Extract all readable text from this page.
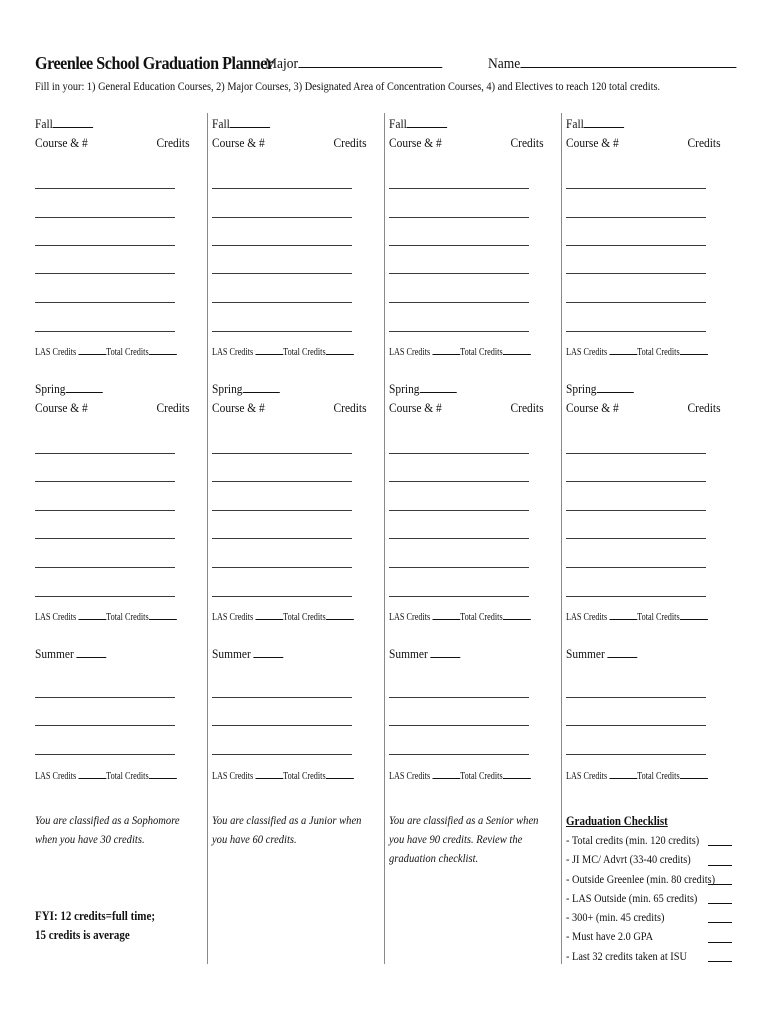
Greenlee School Graduation Planner
Major	Name
Fill in your: 1) General Education Courses, 2) Major Courses, 3) Designated Area of Concentration Courses, 4) and Electives to reach 120 total credits.
Fall
Course & #	Credits
LAS Credits	Total Credits
Spring
Course & #	Credits
LAS Credits	Total Credits
Summer
LAS Credits	Total Credits
You are classified as a Sophomore when you have 30 credits.
FYI: 12 credits=full time;
15 credits is average
Fall
Course & #	Credits
LAS Credits	Total Credits
Spring
Course & #	Credits
LAS Credits	Total Credits
Summer
LAS Credits	Total Credits
You are classified as a Junior when you have 60 credits.
Fall
Course & #	Credits
LAS Credits	Total Credits
Spring
Course & #	Credits
LAS Credits	Total Credits
Summer
LAS Credits	Total Credits
You are classified as a Senior when you have 90 credits. Review the graduation checklist.
Fall
Course & #	Credits
LAS Credits	Total Credits
Spring
Course & #	Credits
LAS Credits	Total Credits
Summer
LAS Credits	Total Credits
Graduation Checklist
- Total credits (min. 120 credits)
- JI MC/ Advrt (33-40 credits)
- Outside Greenlee (min. 80 credits)
- LAS Outside (min. 65 credits)
- 300+ (min. 45 credits)
- Must have 2.0 GPA
- Last 32 credits taken at ISU
